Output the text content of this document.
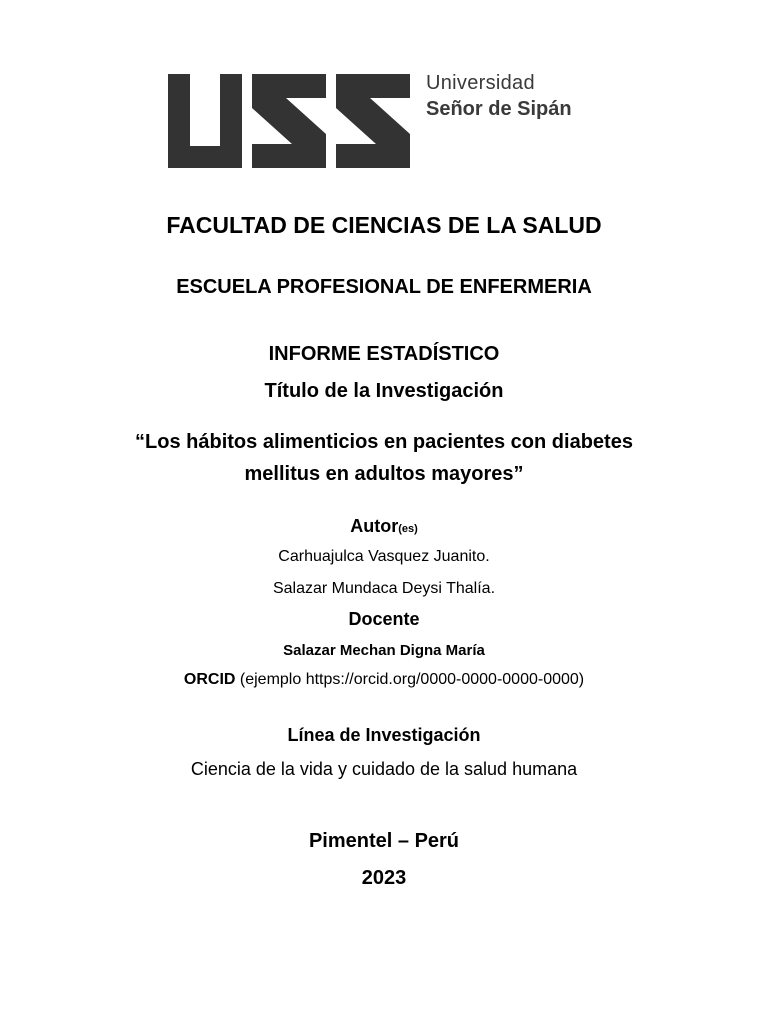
Universidad
Señor de Sipán
FACULTAD DE CIENCIAS DE LA SALUD
ESCUELA PROFESIONAL DE ENFERMERIA
INFORME ESTADÍSTICO
Título de la Investigación
“Los hábitos alimenticios en pacientes con diabetes
mellitus en adultos mayores”
Autor(es)
Carhuajulca Vasquez Juanito.
Salazar Mundaca Deysi Thalía.
Docente
Salazar Mechan Digna María
ORCID (ejemplo https://orcid.org/0000-0000-0000-0000)
Línea de Investigación
Ciencia de la vida y cuidado de la salud humana
Pimentel – Perú
2023
